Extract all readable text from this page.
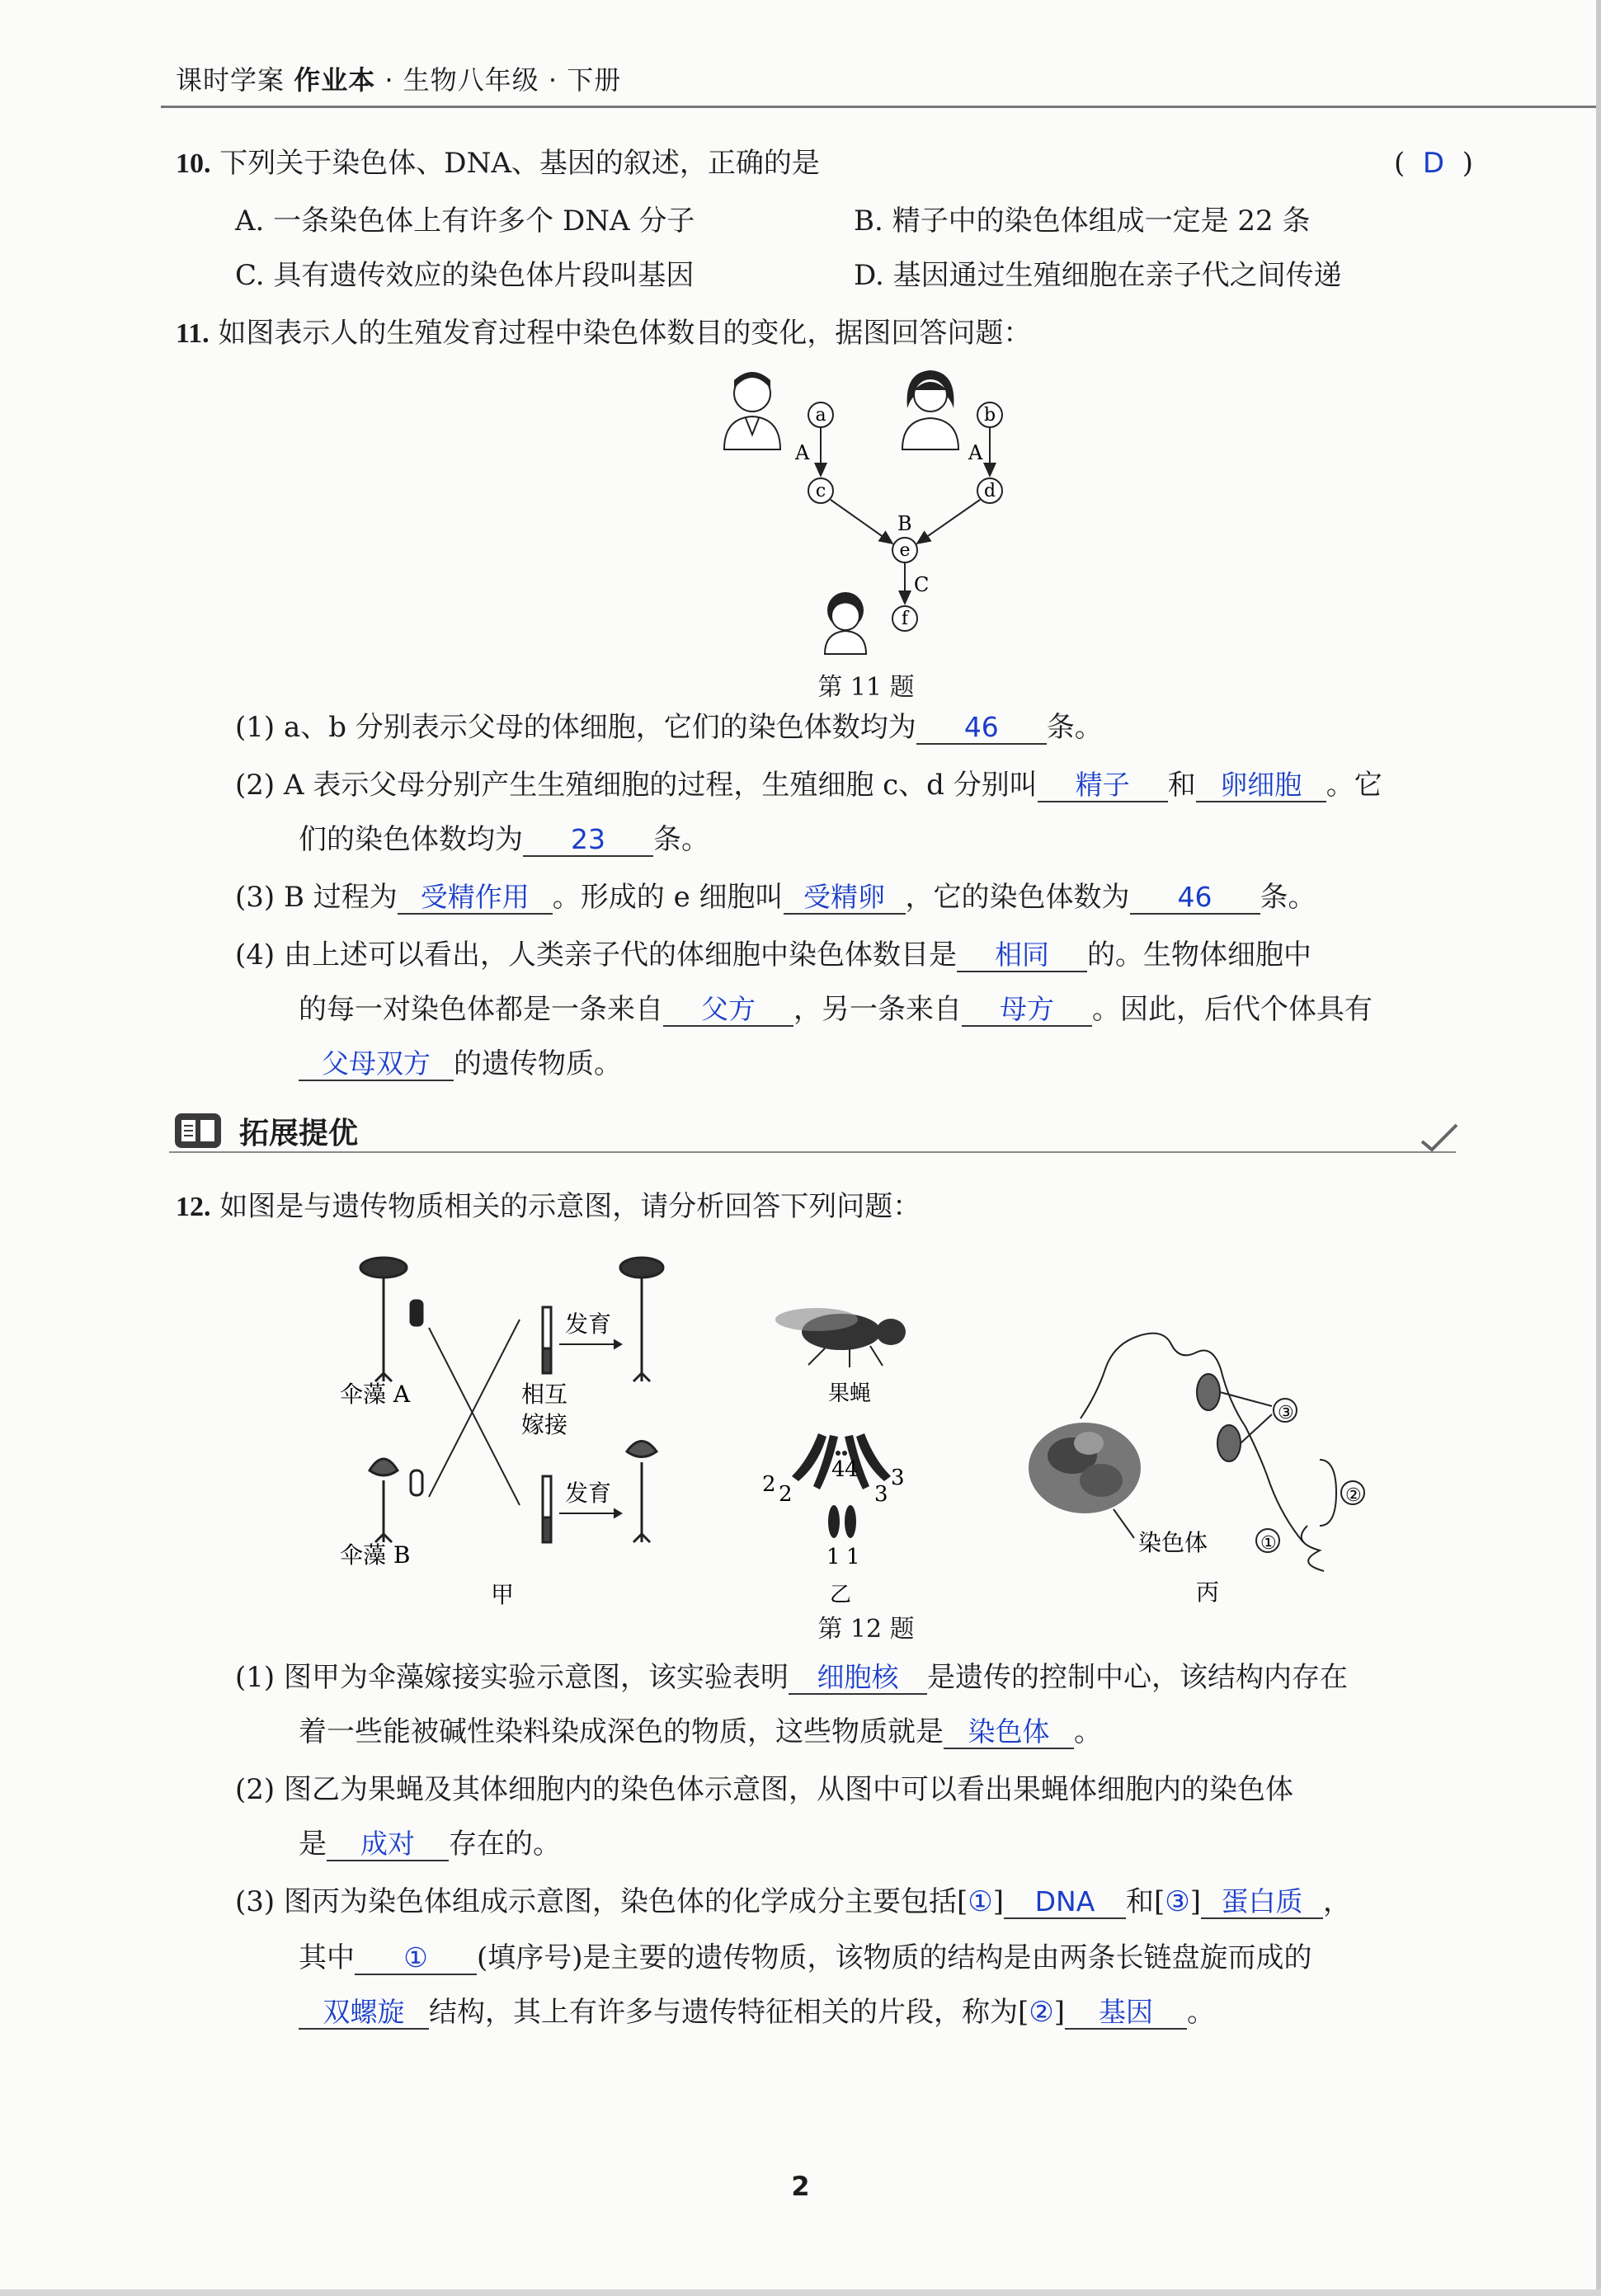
课时学案 作业本 · 生物八年级 · 下册
10. 下列关于染色体、DNA、基因的叙述，正确的是	(  D  )
A. 一条染色体上有许多个 DNA 分子	B. 精子中的染色体组成一定是 22 条
C. 具有遗传效应的染色体片段叫基因	D. 基因通过生殖细胞在亲子代之间传递
11. 如图表示人的生殖发育过程中染色体数目的变化，据图回答问题：
a	b
c	d
e
f
A	A
B
C
第 11 题
(1) a、b 分别表示父母的体细胞，它们的染色体数均为 46 条。
(2) A 表示父母分别产生生殖细胞的过程，生殖细胞 c、d 分别叫 精子 和 卵细胞 。它
们的染色体数均为 23 条。
(3) B 过程为 受精作用 。形成的 e 细胞叫 受精卵 ，它的染色体数为 46 条。
(4) 由上述可以看出，人类亲子代的体细胞中染色体数目是 相同 的。生物体细胞中
的每一对染色体都是一条来自 父方 ，另一条来自 母方 。因此，后代个体具有
父母双方 的遗传物质。
拓展提优
12. 如图是与遗传物质相关的示意图，请分析回答下列问题：
伞藻 A
伞藻 B
相互
嫁接
发育
发育
甲
果蝇
2 2
4 4 3
3
1 1
乙
③
②
①
染色体
丙
第 12 题
(1) 图甲为伞藻嫁接实验示意图，该实验表明 细胞核 是遗传的控制中心，该结构内存在
着一些能被碱性染料染成深色的物质，这些物质就是 染色体 。
(2) 图乙为果蝇及其体细胞内的染色体示意图，从图中可以看出果蝇体细胞内的染色体
是 成对 存在的。
(3) 图丙为染色体组成示意图，染色体的化学成分主要包括[①] DNA 和[③] 蛋白质 ，
其中 ① (填序号)是主要的遗传物质，该物质的结构是由两条长链盘旋而成的
双螺旋 结构，其上有许多与遗传特征相关的片段，称为[②] 基因 。
2
